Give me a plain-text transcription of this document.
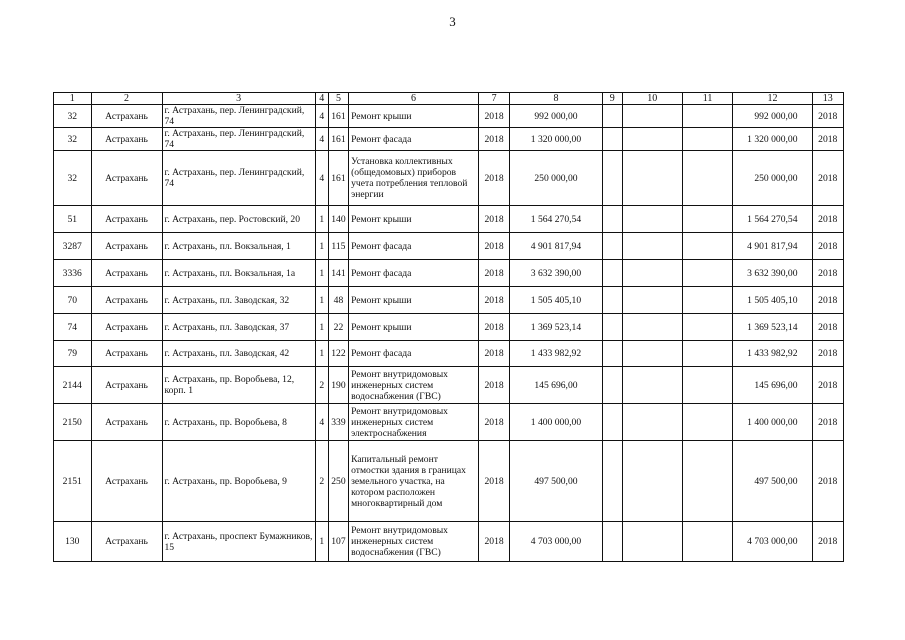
3
1	2	3	4	5	6	7	8	9	10	11	12	13
32	Астрахань	г. Астрахань, пер. Ленинградский, 74	4	161	Ремонт крыши	2018	992 000,00				992 000,00	2018
32	Астрахань	г. Астрахань, пер. Ленинградский, 74	4	161	Ремонт фасада	2018	1 320 000,00				1 320 000,00	2018
32	Астрахань	г. Астрахань, пер. Ленинградский, 74	4	161	Установка коллективных (общедомовых) приборов учета потребления тепловой энергии	2018	250 000,00				250 000,00	2018
51	Астрахань	г. Астрахань, пер. Ростовский, 20	1	140	Ремонт крыши	2018	1 564 270,54				1 564 270,54	2018
3287	Астрахань	г. Астрахань, пл. Вокзальная, 1	1	115	Ремонт фасада	2018	4 901 817,94				4 901 817,94	2018
3336	Астрахань	г. Астрахань, пл. Вокзальная, 1а	1	141	Ремонт фасада	2018	3 632 390,00				3 632 390,00	2018
70	Астрахань	г. Астрахань, пл. Заводская, 32	1	48	Ремонт крыши	2018	1 505 405,10				1 505 405,10	2018
74	Астрахань	г. Астрахань, пл. Заводская, 37	1	22	Ремонт крыши	2018	1 369 523,14				1 369 523,14	2018
79	Астрахань	г. Астрахань, пл. Заводская, 42	1	122	Ремонт фасада	2018	1 433 982,92				1 433 982,92	2018
2144	Астрахань	г. Астрахань, пр. Воробьева, 12, корп. 1	2	190	Ремонт внутридомовых инженерных систем водоснабжения (ГВС)	2018	145 696,00				145 696,00	2018
2150	Астрахань	г. Астрахань, пр. Воробьева, 8	4	339	Ремонт внутридомовых инженерных систем электроснабжения	2018	1 400 000,00				1 400 000,00	2018
2151	Астрахань	г. Астрахань, пр. Воробьева, 9	2	250	Капитальный ремонт отмостки здания в границах земельного участка, на котором расположен многоквартирный дом	2018	497 500,00				497 500,00	2018
130	Астрахань	г. Астрахань, проспект Бумажников, 15	1	107	Ремонт внутридомовых инженерных систем водоснабжения (ГВС)	2018	4 703 000,00				4 703 000,00	2018
